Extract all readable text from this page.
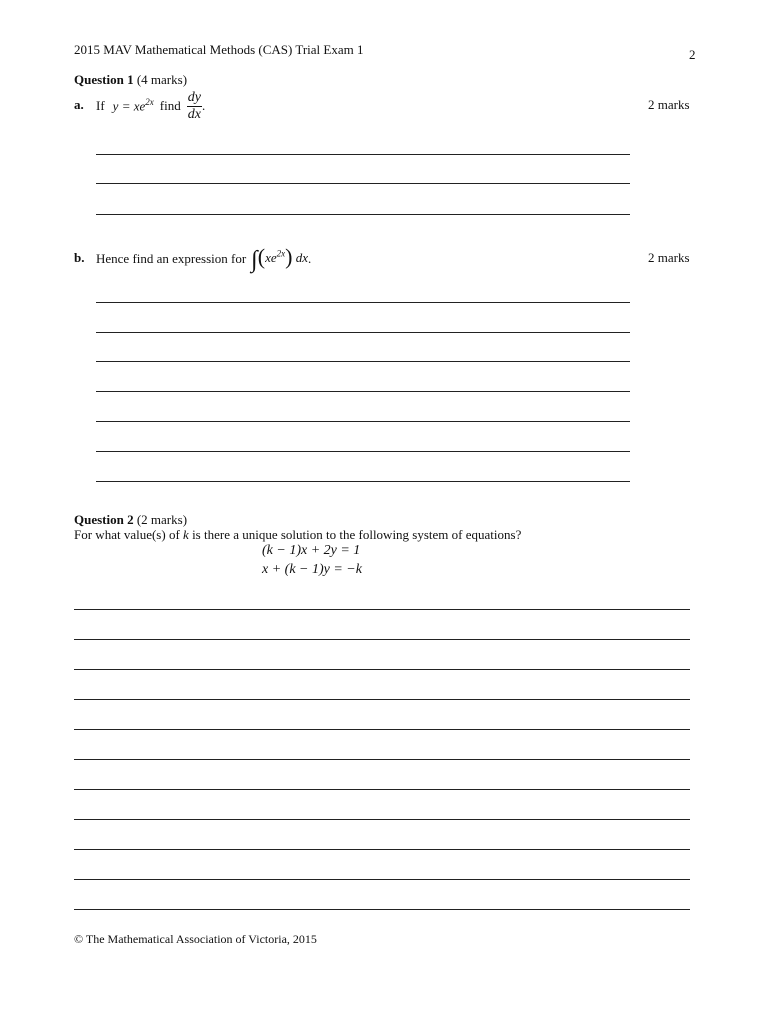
2015 MAV Mathematical Methods (CAS) Trial Exam 1	2
Question 1 (4 marks)
a. If $y = xe^{2x}$ find $\frac{dy}{dx}$ .	2 marks
b. Hence find an expression for $\int(xe^{2x})$ dx .	2 marks
Question 2 (2 marks)
For what value(s) of k is there a unique solution to the following system of equations?
(k − 1)x + 2y = 1
x + (k − 1)y = −k
© The Mathematical Association of Victoria, 2015
